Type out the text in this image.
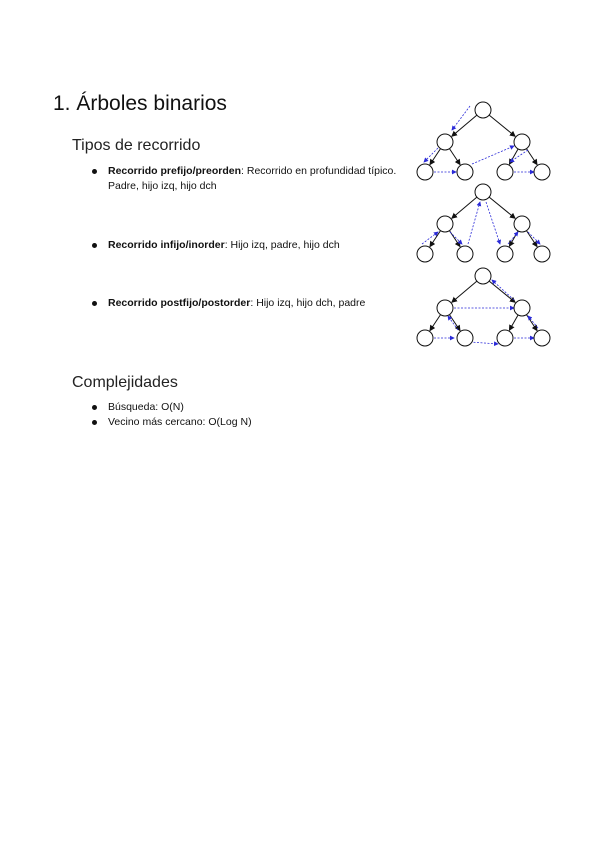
1. Árboles binarios
Tipos de recorrido
Recorrido prefijo/preorden: Recorrido en profundidad típico. Padre, hijo izq, hijo dch
Recorrido infijo/inorder: Hijo izq, padre, hijo dch
Recorrido postfijo/postorder: Hijo izq, hijo dch, padre
Complejidades
Búsqueda: O(N)
Vecino más cercano: O(Log N)
